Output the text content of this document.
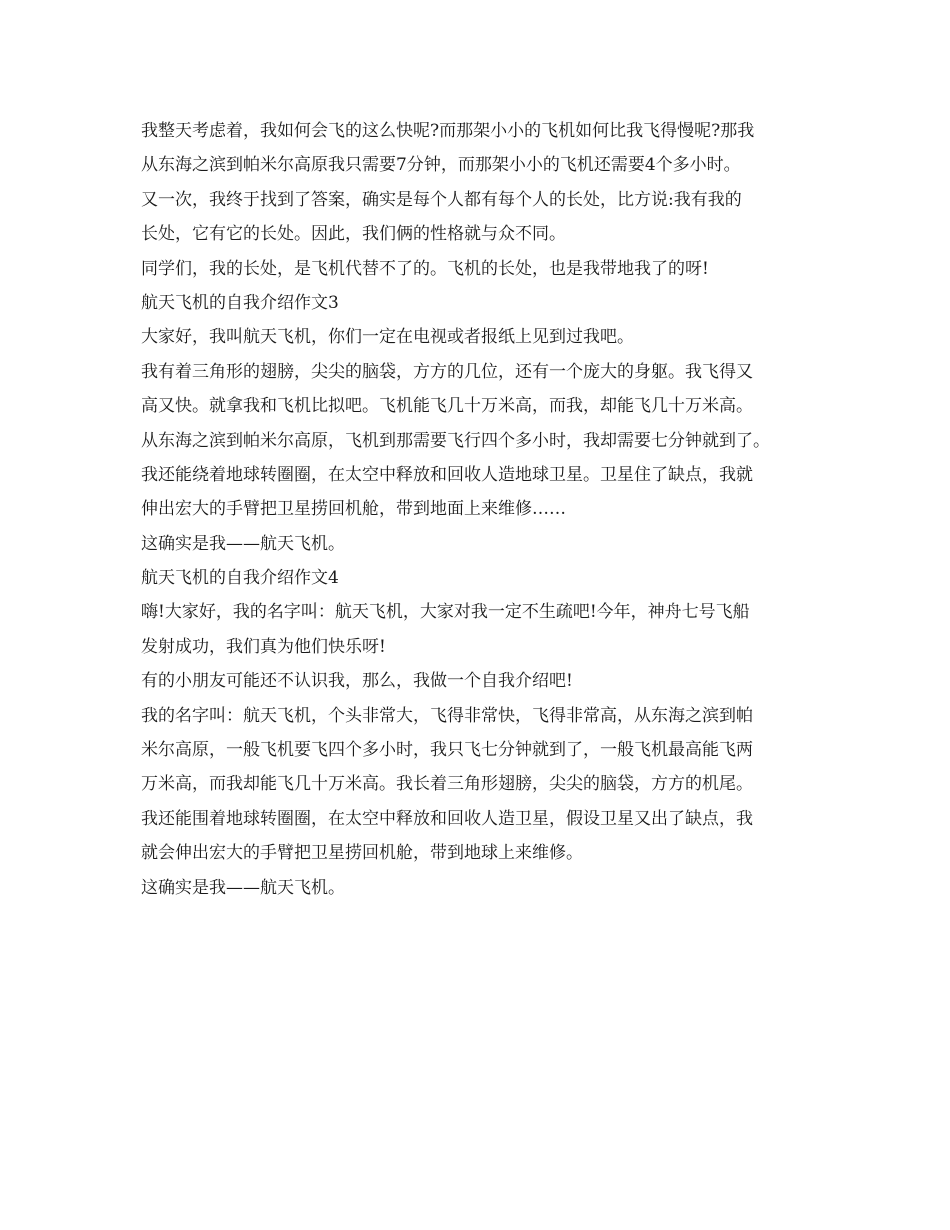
我整天考虑着，我如何会飞的这么快呢?而那架小小的飞机如何比我飞得慢呢?那我

从东海之滨到帕米尔高原我只需要7分钟，而那架小小的飞机还需要4个多小时。

又一次，我终于找到了答案，确实是每个人都有每个人的长处，比方说:我有我的

长处，它有它的长处。因此，我们俩的性格就与众不同。

同学们，我的长处，是飞机代替不了的。飞机的长处，也是我带地我了的呀!

航天飞机的自我介绍作文3

大家好，我叫航天飞机，你们一定在电视或者报纸上见到过我吧。

我有着三角形的翅膀，尖尖的脑袋，方方的几位，还有一个庞大的身躯。我飞得又

高又快。就拿我和飞机比拟吧。飞机能飞几十万米高，而我，却能飞几十万米高。

从东海之滨到帕米尔高原，飞机到那需要飞行四个多小时，我却需要七分钟就到了。

我还能绕着地球转圈圈，在太空中释放和回收人造地球卫星。卫星住了缺点，我就

伸出宏大的手臂把卫星捞回机舱，带到地面上来维修……

这确实是我——航天飞机。

航天飞机的自我介绍作文4

嗨!大家好，我的名字叫：航天飞机，大家对我一定不生疏吧!今年，神舟七号飞船

发射成功，我们真为他们快乐呀!

有的小朋友可能还不认识我，那么，我做一个自我介绍吧!

我的名字叫：航天飞机，个头非常大，飞得非常快，飞得非常高，从东海之滨到帕

米尔高原，一般飞机要飞四个多小时，我只飞七分钟就到了，一般飞机最高能飞两

万米高，而我却能飞几十万米高。我长着三角形翅膀，尖尖的脑袋，方方的机尾。

我还能围着地球转圈圈，在太空中释放和回收人造卫星，假设卫星又出了缺点，我

就会伸出宏大的手臂把卫星捞回机舱，带到地球上来维修。

这确实是我——航天飞机。
